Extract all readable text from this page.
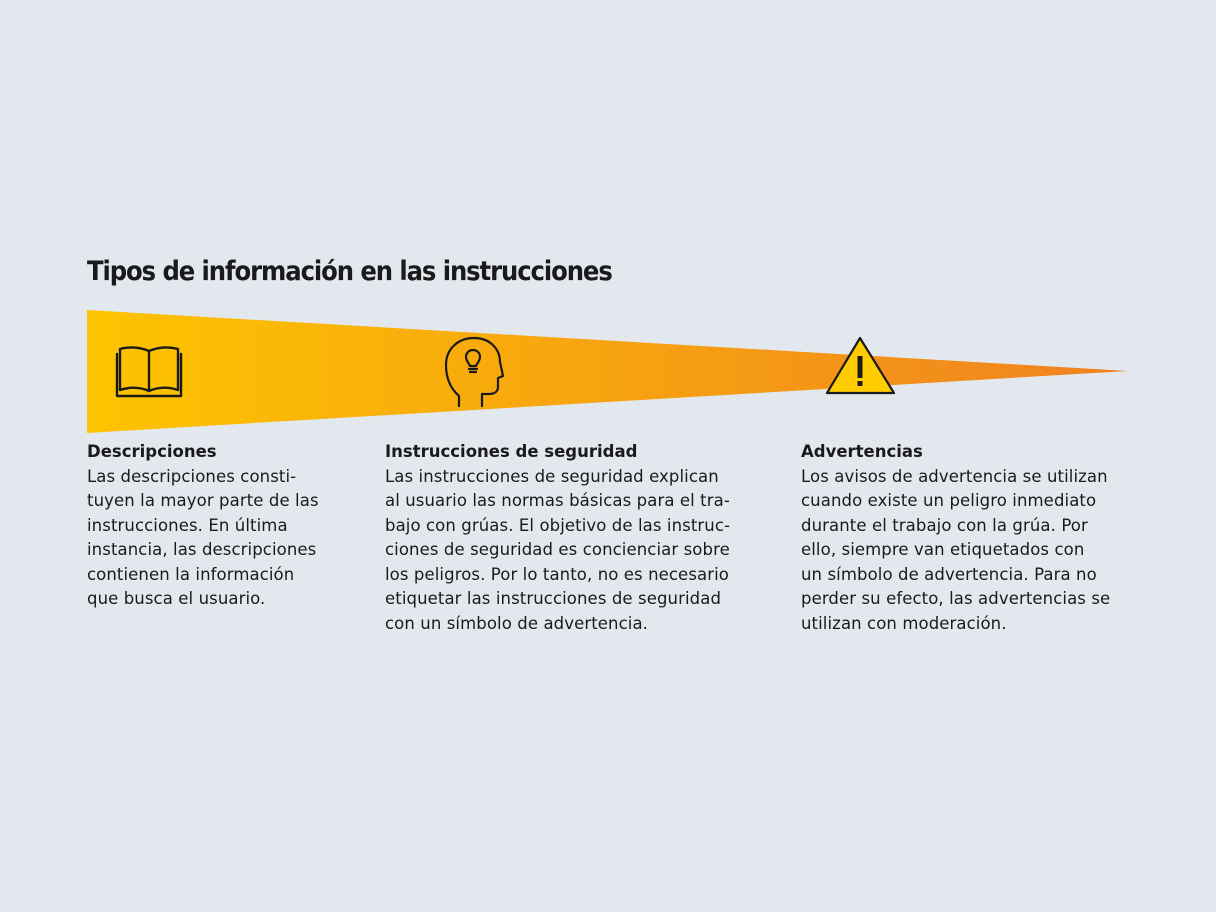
Tipos de información en las instrucciones

Descripciones

Las descripciones consti-

tuyen la mayor parte de las

instrucciones. En última

instancia, las descripciones

contienen la información

que busca el usuario.

Instrucciones de seguridad

Las instrucciones de seguridad explican

al usuario las normas básicas para el tra-

bajo con grúas. El objetivo de las instruc-

ciones de seguridad es concienciar sobre

los peligros. Por lo tanto, no es necesario

etiquetar las instrucciones de seguridad

con un símbolo de advertencia.

Advertencias

Los avisos de advertencia se utilizan

cuando existe un peligro inmediato

durante el trabajo con la grúa. Por

ello, siempre van etiquetados con

un símbolo de advertencia. Para no

perder su efecto, las advertencias se

utilizan con moderación.
